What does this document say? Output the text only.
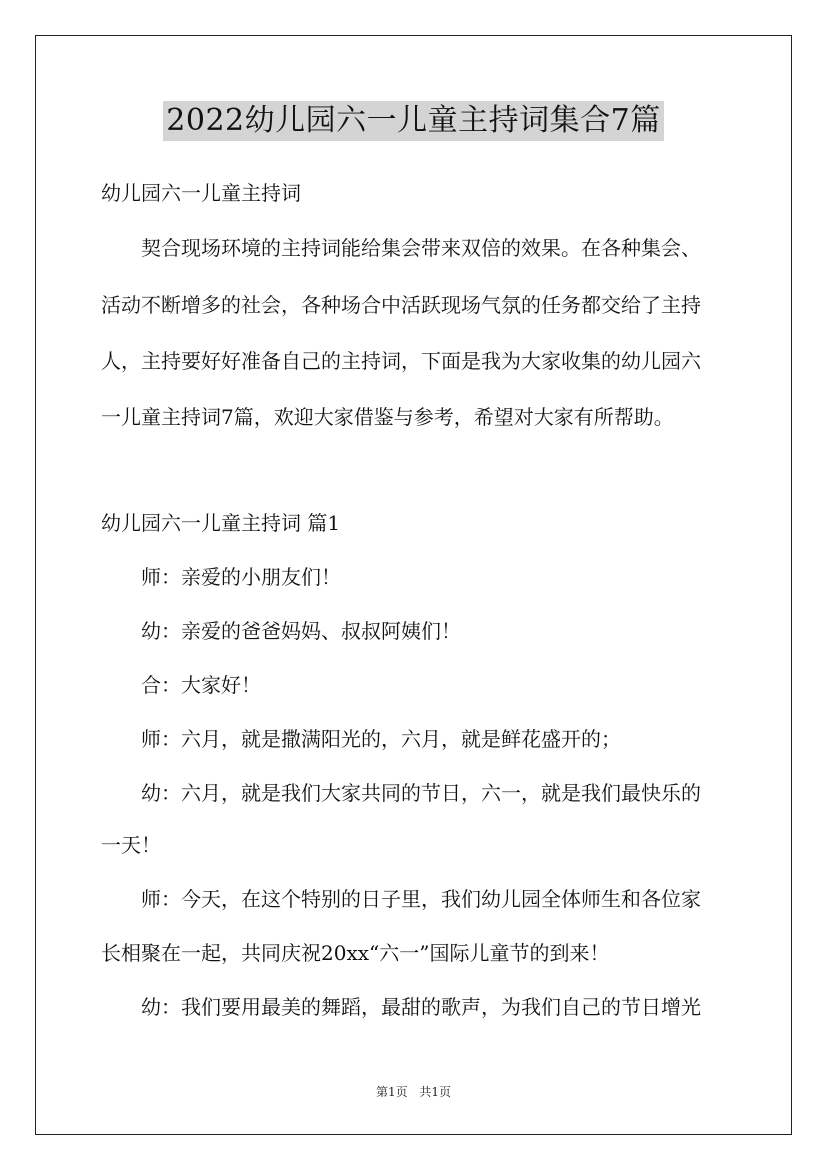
2022幼儿园六一儿童主持词集合7篇

幼儿园六一儿童主持词

契合现场环境的主持词能给集会带来双倍的效果。在各种集会、

活动不断增多的社会，各种场合中活跃现场气氛的任务都交给了主持

人，主持要好好准备自己的主持词，下面是我为大家收集的幼儿园六

一儿童主持词7篇，欢迎大家借鉴与参考，希望对大家有所帮助。

幼儿园六一儿童主持词 篇1

师：亲爱的小朋友们！

幼：亲爱的爸爸妈妈、叔叔阿姨们！

合：大家好！

师：六月，就是撒满阳光的，六月，就是鲜花盛开的；

幼：六月，就是我们大家共同的节日，六一，就是我们最快乐的

一天！

师：今天，在这个特别的日子里，我们幼儿园全体师生和各位家

长相聚在一起，共同庆祝20xx“六一”国际儿童节的到来！

幼：我们要用最美的舞蹈，最甜的歌声，为我们自己的节日增光

第1页 共1页
